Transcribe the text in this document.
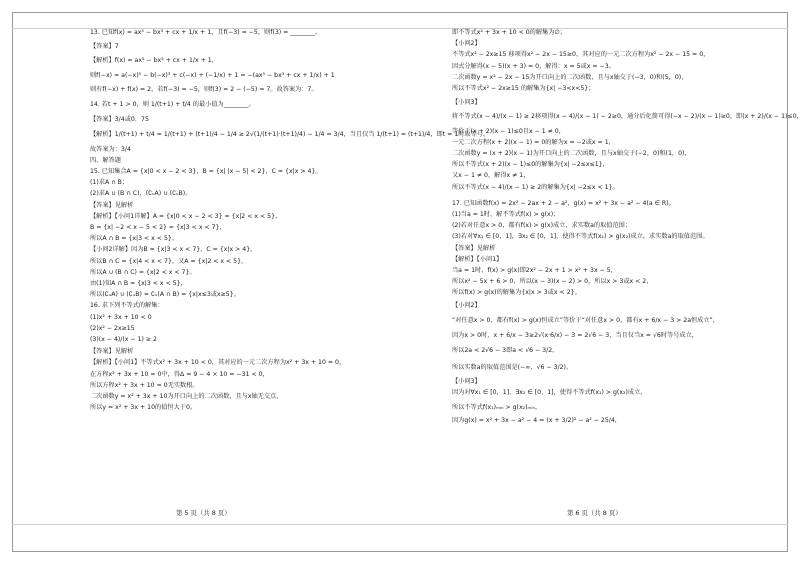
13. 已知f(x) = ax⁵ − bx³ + cx + 1/x + 1，且f(−3) = −5，则f(3) = ________。

【答案】7

【解析】f(x) = ax⁵ − bx³ + cx + 1/x + 1，

则f(−x) = a(−x)⁵ − b(−x)³ + c(−x) + (−1/x) + 1 = −(ax⁵ − bx³ + cx + 1/x) + 1

则有f(−x) + f(x) = 2，若f(−3) = −5，则f(3) = 2 − (−5) = 7。故答案为：7。

14. 若t + 1 > 0，则 1/(t+1) + t/4 的最小值为________。

【答案】3/4或0．75

【解析】1/(t+1) + t/4 = 1/(t+1) + (t+1)/4 − 1/4 ≥ 2√(1/(t+1)·(t+1)/4) − 1/4 = 3/4，当且仅当 1/(t+1) = (t+1)/4，即t = 1时取等号。

故答案为：3/4

四、解答题

15. 已知集合A = {x|0 < x − 2 < 3}，B = {x| |x − 5| < 2}，C = {x|x > 4}。

(1)求A ∩ B；

(2)求A ∪ (B ∩ C)，(∁ᵤA) ∪ (∁ᵤB)。

【答案】见解析

【解析】【小问1详解】A = {x|0 < x − 2 < 3} = {x|2 < x < 5}，

B = {x| −2 < x − 5 < 2} = {x|3 < x < 7}，

所以A ∩ B = {x|3 < x < 5}。

【小问2详解】因为B = {x|3 < x < 7}，C = {x|x > 4}，

所以B ∩ C = {x|4 < x < 7}，又A = {x|2 < x < 5}，

所以A ∪ (B ∩ C) = {x|2 < x < 7}。

由(1)知A ∩ B = {x|3 < x < 5}，

所以(∁ᵤA) ∪ (∁ᵤB) = ∁ᵤ(A ∩ B) = {x|x≤3或x≥5}。

16. 求下列不等式的解集：

(1)x² + 3x + 10 < 0

(2)x² − 2x≥15

(3)(x − 4)/(x − 1) ≥ 2

【答案】见解析

【解析】【小问1】不等式x² + 3x + 10 < 0，其对应的一元二次方程为x² + 3x + 10 = 0，

在方程x² + 3x + 10 = 0中，得Δ = 9 − 4 × 10 = −31 < 0，

所以方程x² + 3x + 10 = 0无实数根。

二次函数y = x² + 3x + 10为开口向上的二次函数，且与x轴无交点，

所以y = x² + 3x + 10的值恒大于0。

即不等式x² + 3x + 10 < 0的解集为∅；

【小问2】

不等式x² − 2x≥15 移项得x² − 2x − 15≥0，其对应的一元二次方程为x² − 2x − 15 = 0，

因式分解得(x − 5)(x + 3) = 0，解得：x = 5或x = −3。

二次函数y = x² − 2x − 15为开口向上的二次函数，且与x轴交于(−3，0)和(5，0)，

所以不等式x² − 2x≥15 的解集为{x| −3<x<5}；

【小问3】

将不等式(x − 4)/(x − 1) ≥ 2移项得(x − 4)/(x − 1) − 2≥0，通分后化简可得(−x − 2)/(x − 1)≥0，即(x + 2)/(x − 1)≤0，

等价于(x + 2)(x − 1)≤0且x − 1 ≠ 0，

一元二次方程(x + 2)(x − 1) = 0的解为x = −2或x = 1，

二次函数y = (x + 2)(x − 1)为开口向上的二次函数，且与x轴交于(−2，0)和(1，0)，

所以不等式(x + 2)(x − 1)≤0的解集为{x| −2≤x≤1}，

又x − 1 ≠ 0，解得x ≠ 1，

所以不等式(x − 4)/(x − 1) ≥ 2的解集为{x| −2≤x < 1}。

17. 已知函数f(x) = 2x² − 2ax + 2 − a²，g(x) = x² + 3x − a² − 4(a ∈ R)。

(1)当a = 1时，解不等式f(x) > g(x)；

(2)若对任意x > 0，都有f(x) > g(x)成立，求实数a的取值范围；

(3)若对∀x₁ ∈ [0，1]，∃x₂ ∈ [0，1]，使得不等式f(x₁) > g(x₂)成立，求实数a的取值范围。

【答案】见解析

【解析】【小问1】

当a = 1时，f(x) > g(x)即2x² − 2x + 1 > x² + 3x − 5，

所以x² − 5x + 6 > 0，所以(x − 3)(x − 2) > 0，所以x > 3或x < 2，

所以f(x) > g(x)的解集为{x|x > 3或x < 2}。

【小问2】

“对任意x > 0，都有f(x) > g(x)恒成立”等价于“对任意x > 0，都有x + 6/x − 3 > 2a恒成立”，

因为x > 0时，x + 6/x − 3≥2√(x·6/x) − 3 = 2√6 − 3，当且仅当x = √6时等号成立，

所以2a < 2√6 − 3即a < √6 − 3/2，

所以实数a的取值范围是(−∞，√6 − 3/2)。

【小问3】

因为对∀x₁ ∈ [0，1]，∃x₂ ∈ [0，1]，使得不等式f(x₁) > g(x₂)成立，

所以不等式f(x₁)ₘᵢₙ > g(x₂)ₘᵢₙ，

因为g(x) = x² + 3x − a² − 4 = (x + 3/2)² − a² − 25/4，

第 5 页（共 8 页）	第 6 页（共 8 页）
